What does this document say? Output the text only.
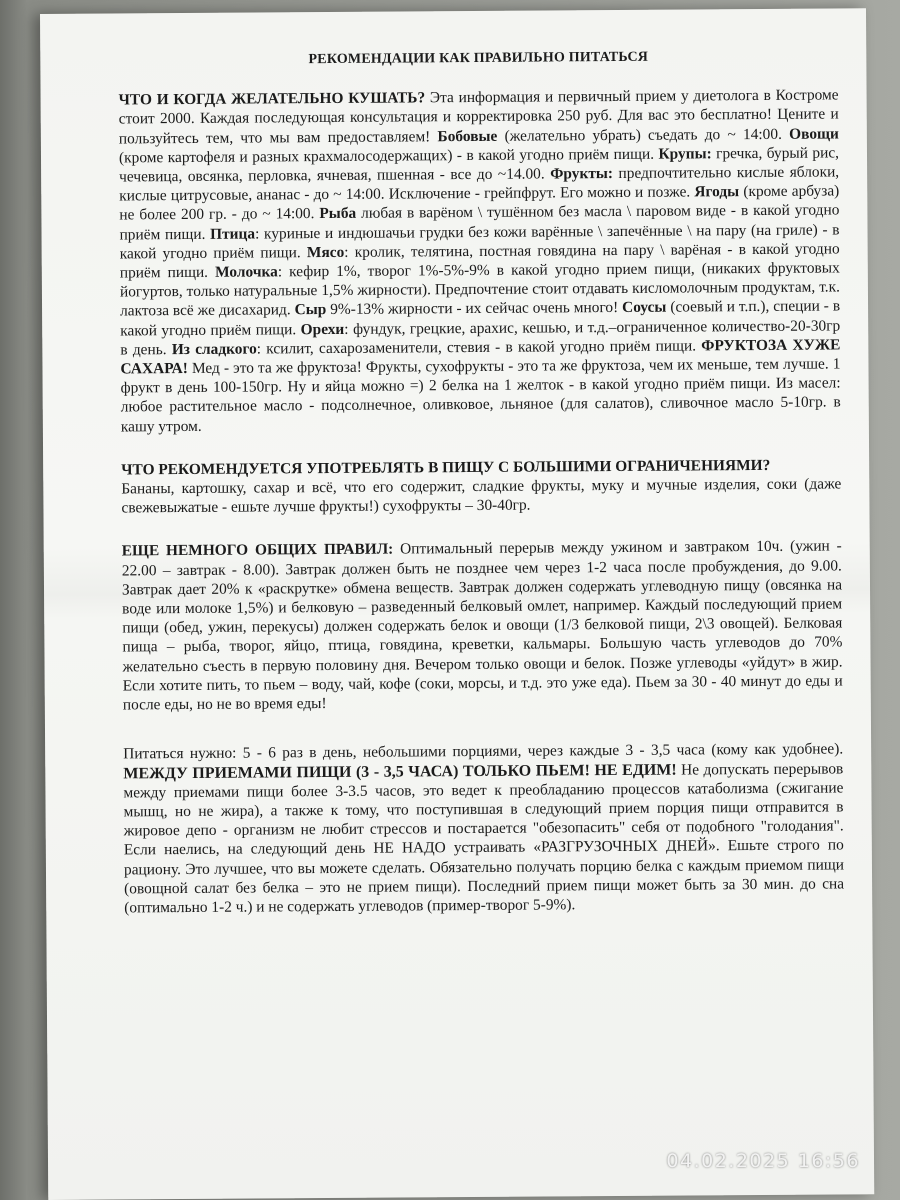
РЕКОМЕНДАЦИИ КАК ПРАВИЛЬНО ПИТАТЬСЯ

ЧТО И КОГДА ЖЕЛАТЕЛЬНО КУШАТЬ? Эта информация и первичный прием у диетолога в Костроме стоит 2000. Каждая последующая консультация и корректировка 250 руб. Для вас это бесплатно! Цените и пользуйтесь тем, что мы вам предоставляем! Бобовые (желательно убрать) съедать до ~ 14:00. Овощи (кроме картофеля и разных крахмалосодержащих) - в какой угодно приём пищи. Крупы: гречка, бурый рис, чечевица, овсянка, перловка, ячневая, пшенная - все до ~14.00. Фрукты: предпочтительно кислые яблоки, кислые цитрусовые, ананас - до ~ 14:00. Исключение - грейпфрут. Его можно и позже. Ягоды (кроме арбуза) не более 200 гр. - до ~ 14:00. Рыба любая в варёном \ тушённом без масла \ паровом виде - в какой угодно приём пищи. Птица: куриные и индюшачьи грудки без кожи варённые \ запечённые \ на пару (на гриле) - в какой угодно приём пищи. Мясо: кролик, телятина, постная говядина на пару \ варёная - в какой угодно приём пищи. Молочка: кефир 1%, творог 1%-5%-9% в какой угодно прием пищи, (никаких фруктовых йогуртов, только натуральные 1,5% жирности). Предпочтение стоит отдавать кисломолочным продуктам, т.к. лактоза всё же дисахарид. Сыр 9%-13% жирности - их сейчас очень много! Соусы (соевый и т.п.), специи - в какой угодно приём пищи. Орехи: фундук, грецкие, арахис, кешью, и т.д.–ограниченное количество-20-30гр в день. Из сладкого: ксилит, сахарозаменители, стевия - в какой угодно приём пищи. ФРУКТОЗА ХУЖЕ САХАРА! Мед - это та же фруктоза! Фрукты, сухофрукты - это та же фруктоза, чем их меньше, тем лучше. 1 фрукт в день 100-150гр. Ну и яйца можно =) 2 белка на 1 желток - в какой угодно приём пищи. Из масел: любое растительное масло - подсолнечное, оливковое, льняное (для салатов), сливочное масло 5-10гр. в кашу утром.

ЧТО РЕКОМЕНДУЕТСЯ УПОТРЕБЛЯТЬ В ПИЩУ С БОЛЬШИМИ ОГРАНИЧЕНИЯМИ?
Бананы, картошку, сахар и всё, что его содержит, сладкие фрукты, муку и мучные изделия, соки (даже свежевыжатые - ешьте лучше фрукты!) сухофрукты – 30-40гр.

ЕЩЕ НЕМНОГО ОБЩИХ ПРАВИЛ: Оптимальный перерыв между ужином и завтраком 10ч. (ужин - 22.00 – завтрак - 8.00). Завтрак должен быть не позднее чем через 1-2 часа после пробуждения, до 9.00. Завтрак дает 20% к «раскрутке» обмена веществ. Завтрак должен содержать углеводную пищу (овсянка на воде или молоке 1,5%) и белковую – разведенный белковый омлет, например. Каждый последующий прием пищи (обед, ужин, перекусы) должен содержать белок и овощи (1/3 белковой пищи, 2\3 овощей). Белковая пища – рыба, творог, яйцо, птица, говядина, креветки, кальмары. Большую часть углеводов до 70% желательно съесть в первую половину дня. Вечером только овощи и белок. Позже углеводы «уйдут» в жир. Если хотите пить, то пьем – воду, чай, кофе (соки, морсы, и т.д. это уже еда). Пьем за 30 - 40 минут до еды и после еды, но не во время еды!

Питаться нужно: 5 - 6 раз в день, небольшими порциями, через каждые 3 - 3,5 часа (кому как удобнее). МЕЖДУ ПРИЕМАМИ ПИЩИ (3 - 3,5 ЧАСА) ТОЛЬКО ПЬЕМ! НЕ ЕДИМ! Не допускать перерывов между приемами пищи более 3-3.5 часов, это ведет к преобладанию процессов катаболизма (сжигание мышц, но не жира), а также к тому, что поступившая в следующий прием порция пищи отправится в жировое депо - организм не любит стрессов и постарается "обезопасить" себя от подобного "голодания". Если наелись, на следующий день НЕ НАДО устраивать «РАЗГРУЗОЧНЫХ ДНЕЙ». Ешьте строго по рациону. Это лучшее, что вы можете сделать. Обязательно получать порцию белка с каждым приемом пищи (овощной салат без белка – это не прием пищи). Последний прием пищи может быть за 30 мин. до сна (оптимально 1-2 ч.) и не содержать углеводов (пример-творог 5-9%).

04.02.2025 16:56
